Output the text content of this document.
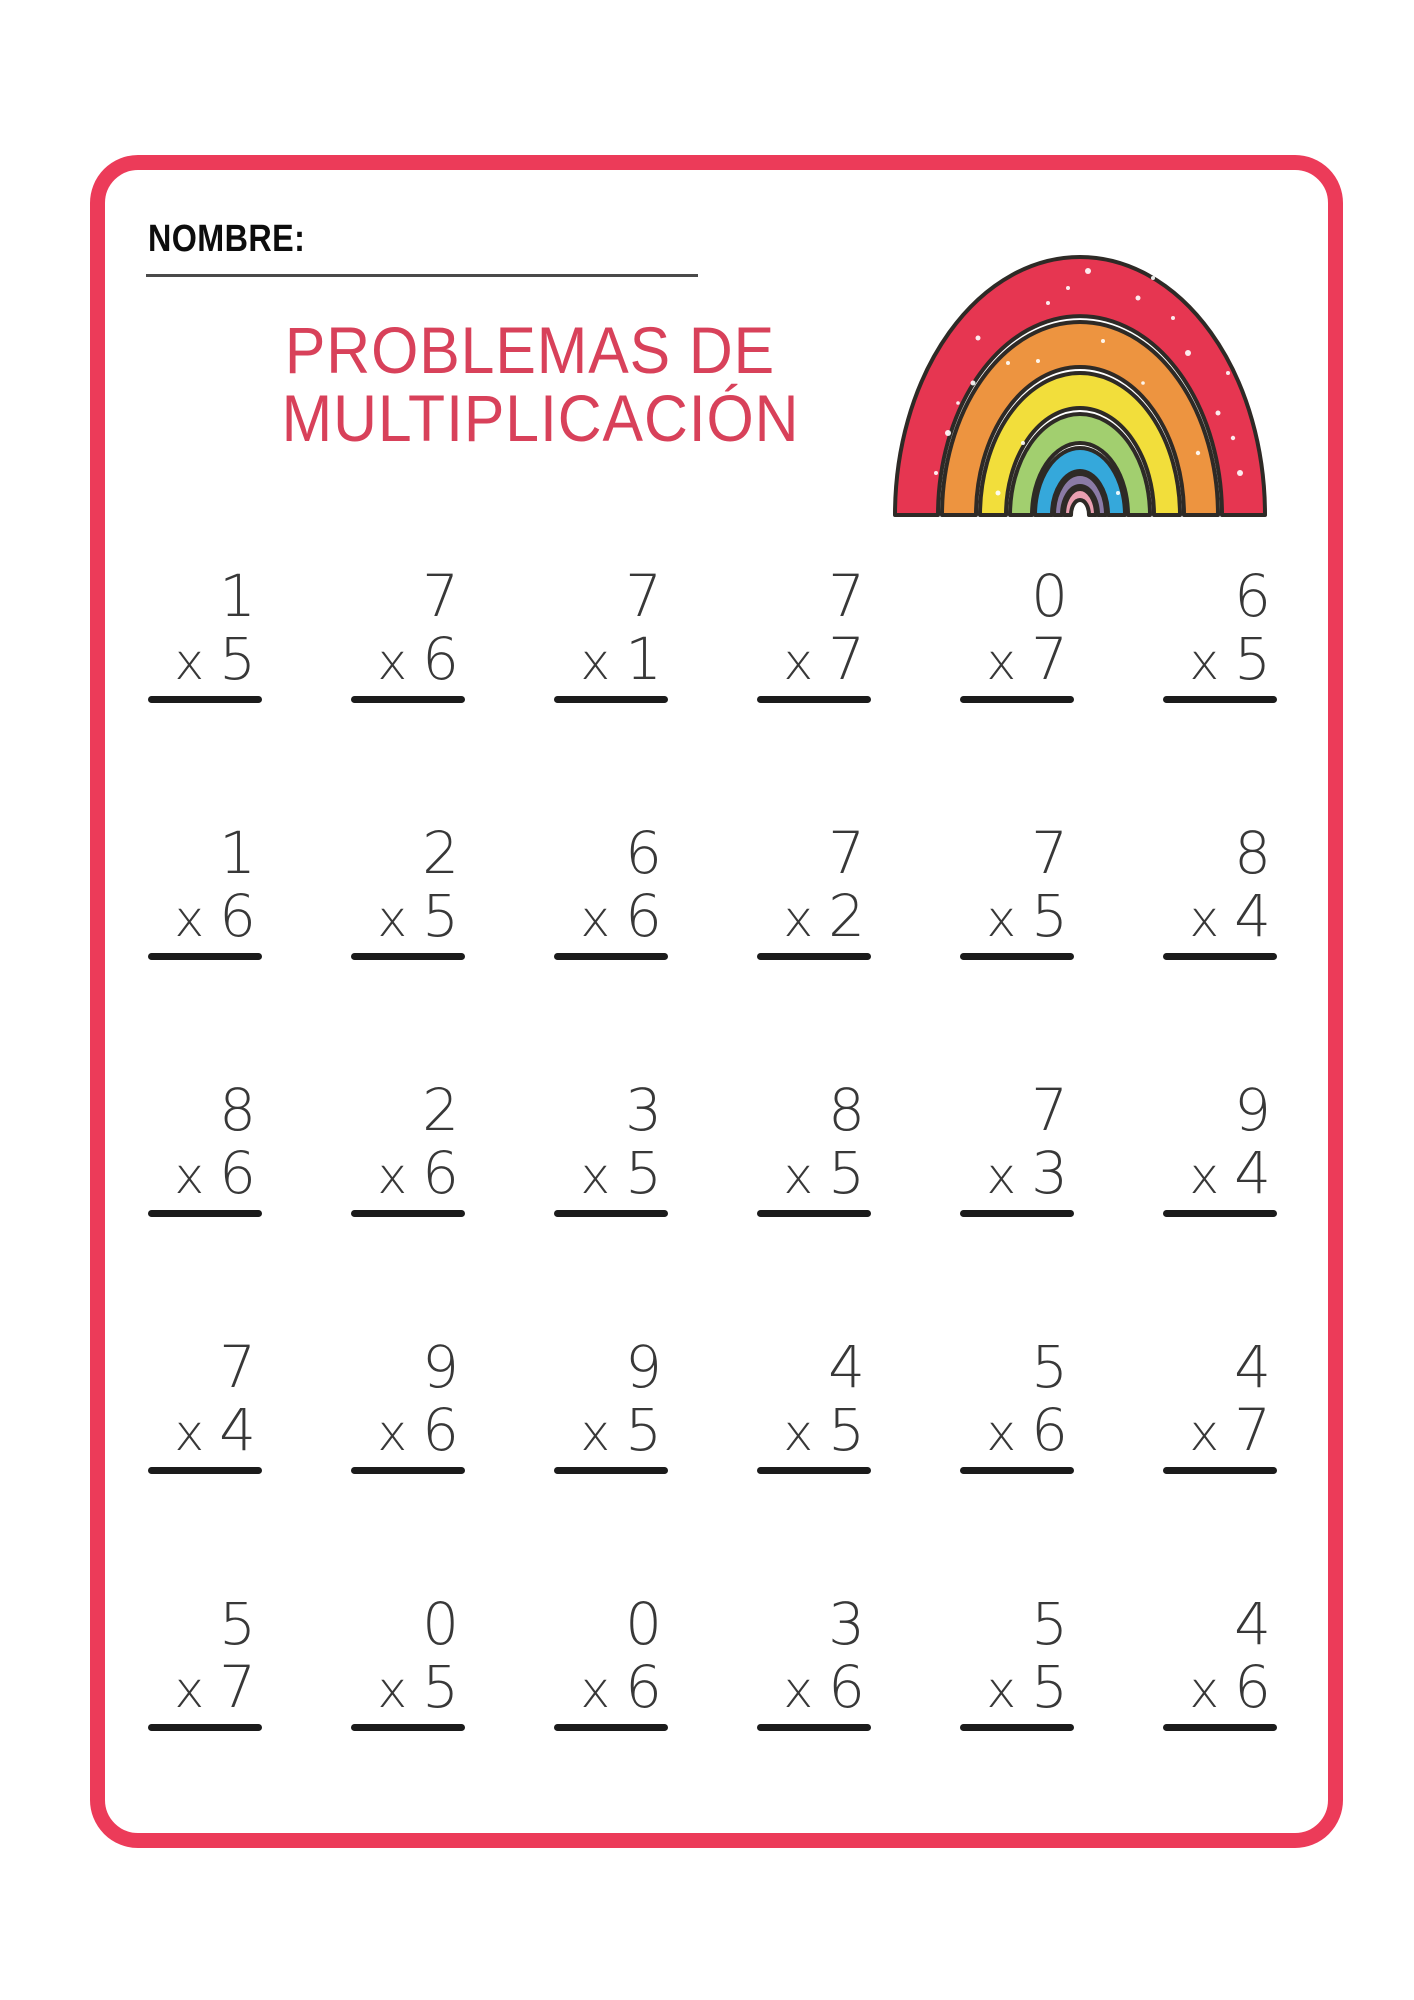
NOMBRE:
PROBLEMAS DE
MULTIPLICACIÓN
1
x 5
7
x 6
7
x 1
7
x 7
0
x 7
6
x 5
1
x 6
2
x 5
6
x 6
7
x 2
7
x 5
8
x 4
8
x 6
2
x 6
3
x 5
8
x 5
7
x 3
9
x 4
7
x 4
9
x 6
9
x 5
4
x 5
5
x 6
4
x 7
5
x 7
0
x 5
0
x 6
3
x 6
5
x 5
4
x 6
